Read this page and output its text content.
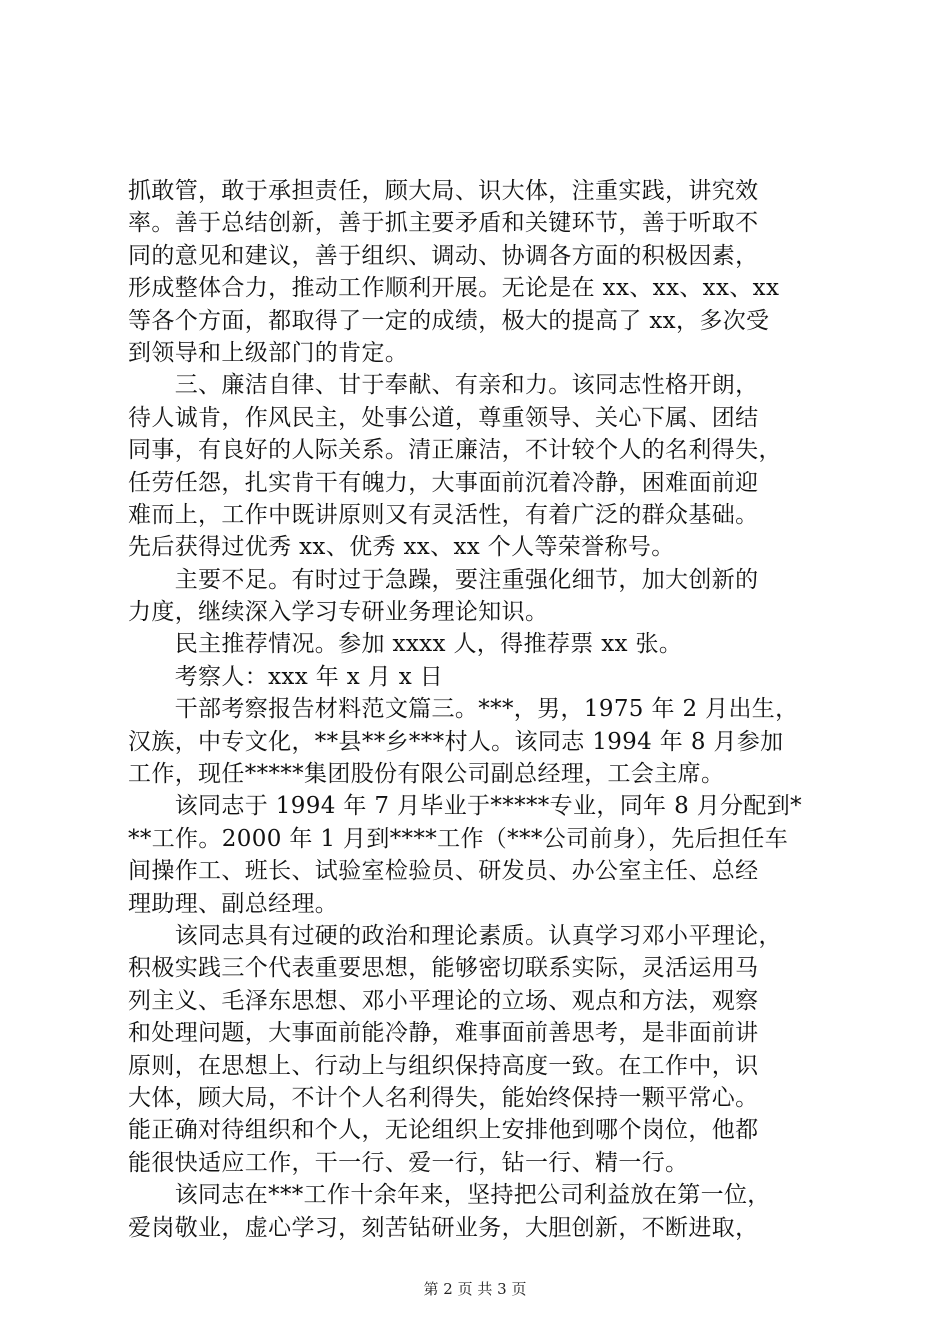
抓敢管，敢于承担责任，顾大局、识大体，注重实践，讲究效
率。善于总结创新，善于抓主要矛盾和关键环节，善于听取不
同的意见和建议，善于组织、调动、协调各方面的积极因素，
形成整体合力，推动工作顺利开展。无论是在 xx、xx、xx、xx
等各个方面，都取得了一定的成绩，极大的提高了 xx，多次受
到领导和上级部门的肯定。
　　三、廉洁自律、甘于奉献、有亲和力。该同志性格开朗，
待人诚肯，作风民主，处事公道，尊重领导、关心下属、团结
同事，有良好的人际关系。清正廉洁，不计较个人的名利得失，
任劳任怨，扎实肯干有魄力，大事面前沉着冷静，困难面前迎
难而上，工作中既讲原则又有灵活性，有着广泛的群众基础。
先后获得过优秀 xx、优秀 xx、xx 个人等荣誉称号。
　　主要不足。有时过于急躁，要注重强化细节，加大创新的
力度，继续深入学习专研业务理论知识。
　　民主推荐情况。参加 xxxx 人，得推荐票 xx 张。
　　考察人：xxx 年 x 月 x 日
　　干部考察报告材料范文篇三。***，男，1975 年 2 月出生，
汉族，中专文化，**县**乡***村人。该同志 1994 年 8 月参加
工作，现任*****集团股份有限公司副总经理，工会主席。
　　该同志于 1994 年 7 月毕业于*****专业，同年 8 月分配到*
**工作。2000 年 1 月到****工作（***公司前身），先后担任车
间操作工、班长、试验室检验员、研发员、办公室主任、总经
理助理、副总经理。
　　该同志具有过硬的政治和理论素质。认真学习邓小平理论，
积极实践三个代表重要思想，能够密切联系实际，灵活运用马
列主义、毛泽东思想、邓小平理论的立场、观点和方法，观察
和处理问题，大事面前能冷静，难事面前善思考，是非面前讲
原则，在思想上、行动上与组织保持高度一致。在工作中，识
大体，顾大局，不计个人名利得失，能始终保持一颗平常心。
能正确对待组织和个人，无论组织上安排他到哪个岗位，他都
能很快适应工作，干一行、爱一行，钻一行、精一行。
　　该同志在***工作十余年来，坚持把公司利益放在第一位，
爱岗敬业，虚心学习，刻苦钻研业务，大胆创新，不断进取，
第 2 页 共 3 页
